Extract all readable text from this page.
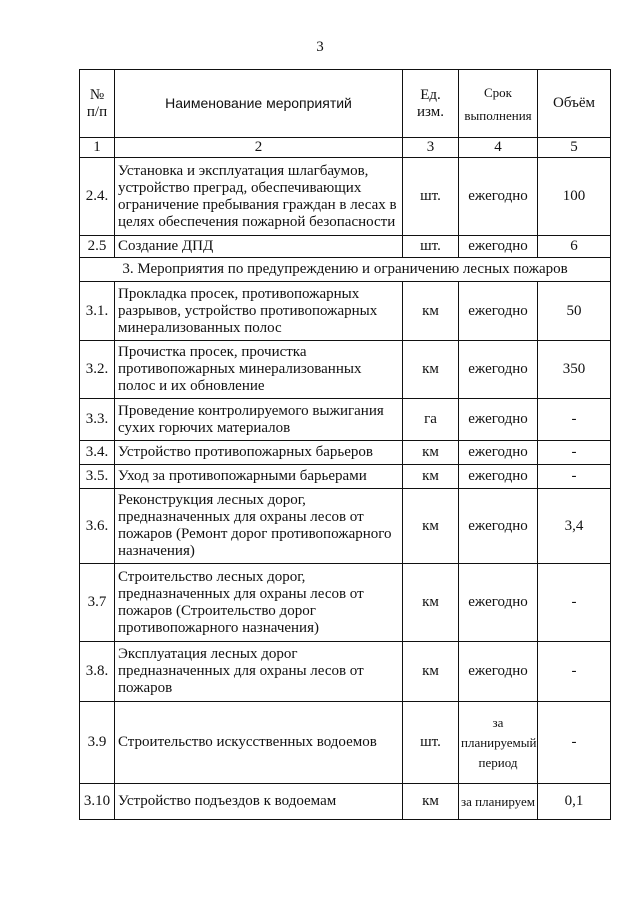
3
№ п/п	Наименование мероприятий	Ед. изм.	Срок выполнения	Объём
1	2	3	4	5
2.4.	Установка и эксплуатация шлагбаумов, устройство преград, обеспечивающих ограничение пребывания граждан в лесах в целях обеспечения пожарной безопасности	шт.	ежегодно	100
2.5	Создание ДПД	шт.	ежегодно	6
3. Мероприятия по предупреждению и ограничению лесных пожаров				
3.1.	Прокладка просек, противопожарных разрывов, устройство противопожарных минерализованных полос	км	ежегодно	50
3.2.	Прочистка просек, прочистка противопожарных минерализованных полос и их обновление	км	ежегодно	350
3.3.	Проведение контролируемого выжигания сухих горючих материалов	га	ежегодно	-
3.4.	Устройство противопожарных барьеров	км	ежегодно	-
3.5.	Уход за противопожарными барьерами	км	ежегодно	-
3.6.	Реконструкция лесных дорог, предназначенных для охраны лесов от пожаров (Ремонт дорог противопожарного назначения)	км	ежегодно	3,4
3.7	Строительство лесных дорог, предназначенных для охраны лесов от пожаров (Строительство дорог противопожарного назначения)	км	ежегодно	-
3.8.	Эксплуатация лесных дорог предназначенных для охраны лесов от пожаров	км	ежегодно	-
3.9	Строительство искусственных водоемов	шт.	за планируемый период	-
3.10	Устройство подъездов к водоемам	км	за планируем	0,1
